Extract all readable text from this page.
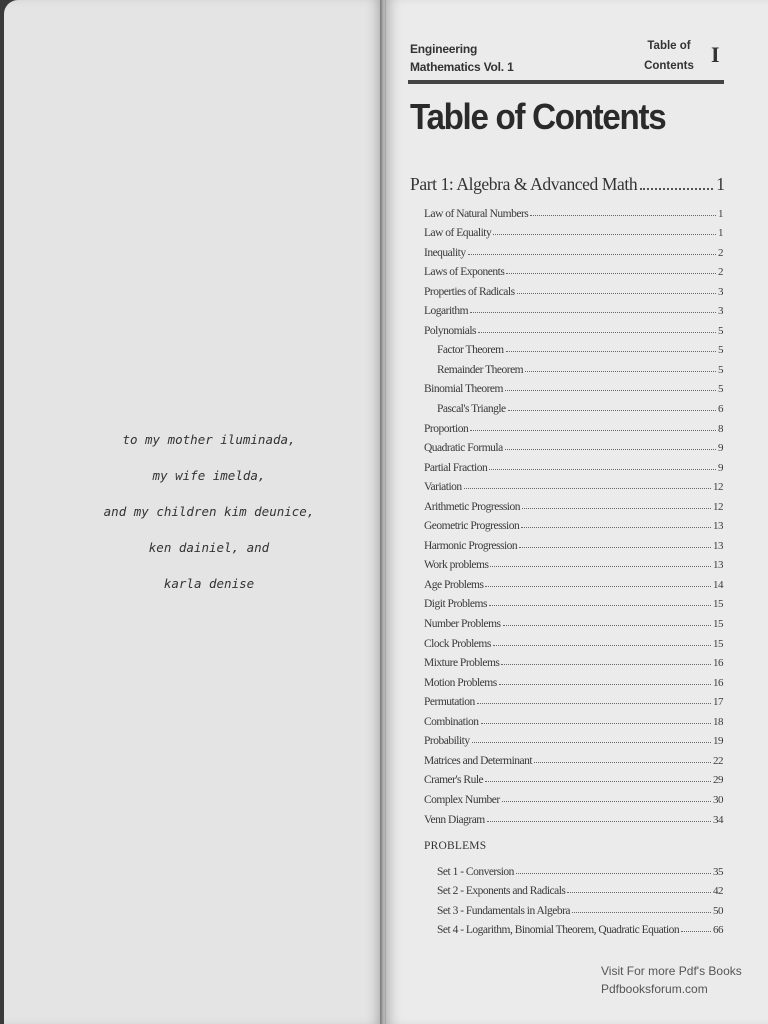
to my mother iluminada,
my wife imelda,
and my children kim deunice,
ken dainiel, and
karla denise
Engineering
Mathematics Vol. 1
Table of
Contents I
Table of Contents
Part 1: Algebra & Advanced Math	1
Law of Natural Numbers	1
Law of Equality	1
Inequality	2
Laws of Exponents	2
Properties of Radicals	3
Logarithm	3
Polynomials	5
Factor Theorem	5
Remainder Theorem	5
Binomial Theorem	5
Pascal's Triangle	6
Proportion	8
Quadratic Formula	9
Partial Fraction	9
Variation	12
Arithmetic Progression	12
Geometric Progression	13
Harmonic Progression	13
Work problems	13
Age Problems	14
Digit Problems	15
Number Problems	15
Clock Problems	15
Mixture Problems	16
Motion Problems	16
Permutation	17
Combination	18
Probability	19
Matrices and Determinant	22
Cramer's Rule	29
Complex Number	30
Venn Diagram	34
PROBLEMS
Set 1 - Conversion	35
Set 2 - Exponents and Radicals	42
Set 3 - Fundamentals in Algebra	50
Set 4 - Logarithm, Binomial Theorem, Quadratic Equation	66
Visit For more Pdf's Books
Pdfbooksforum.com
